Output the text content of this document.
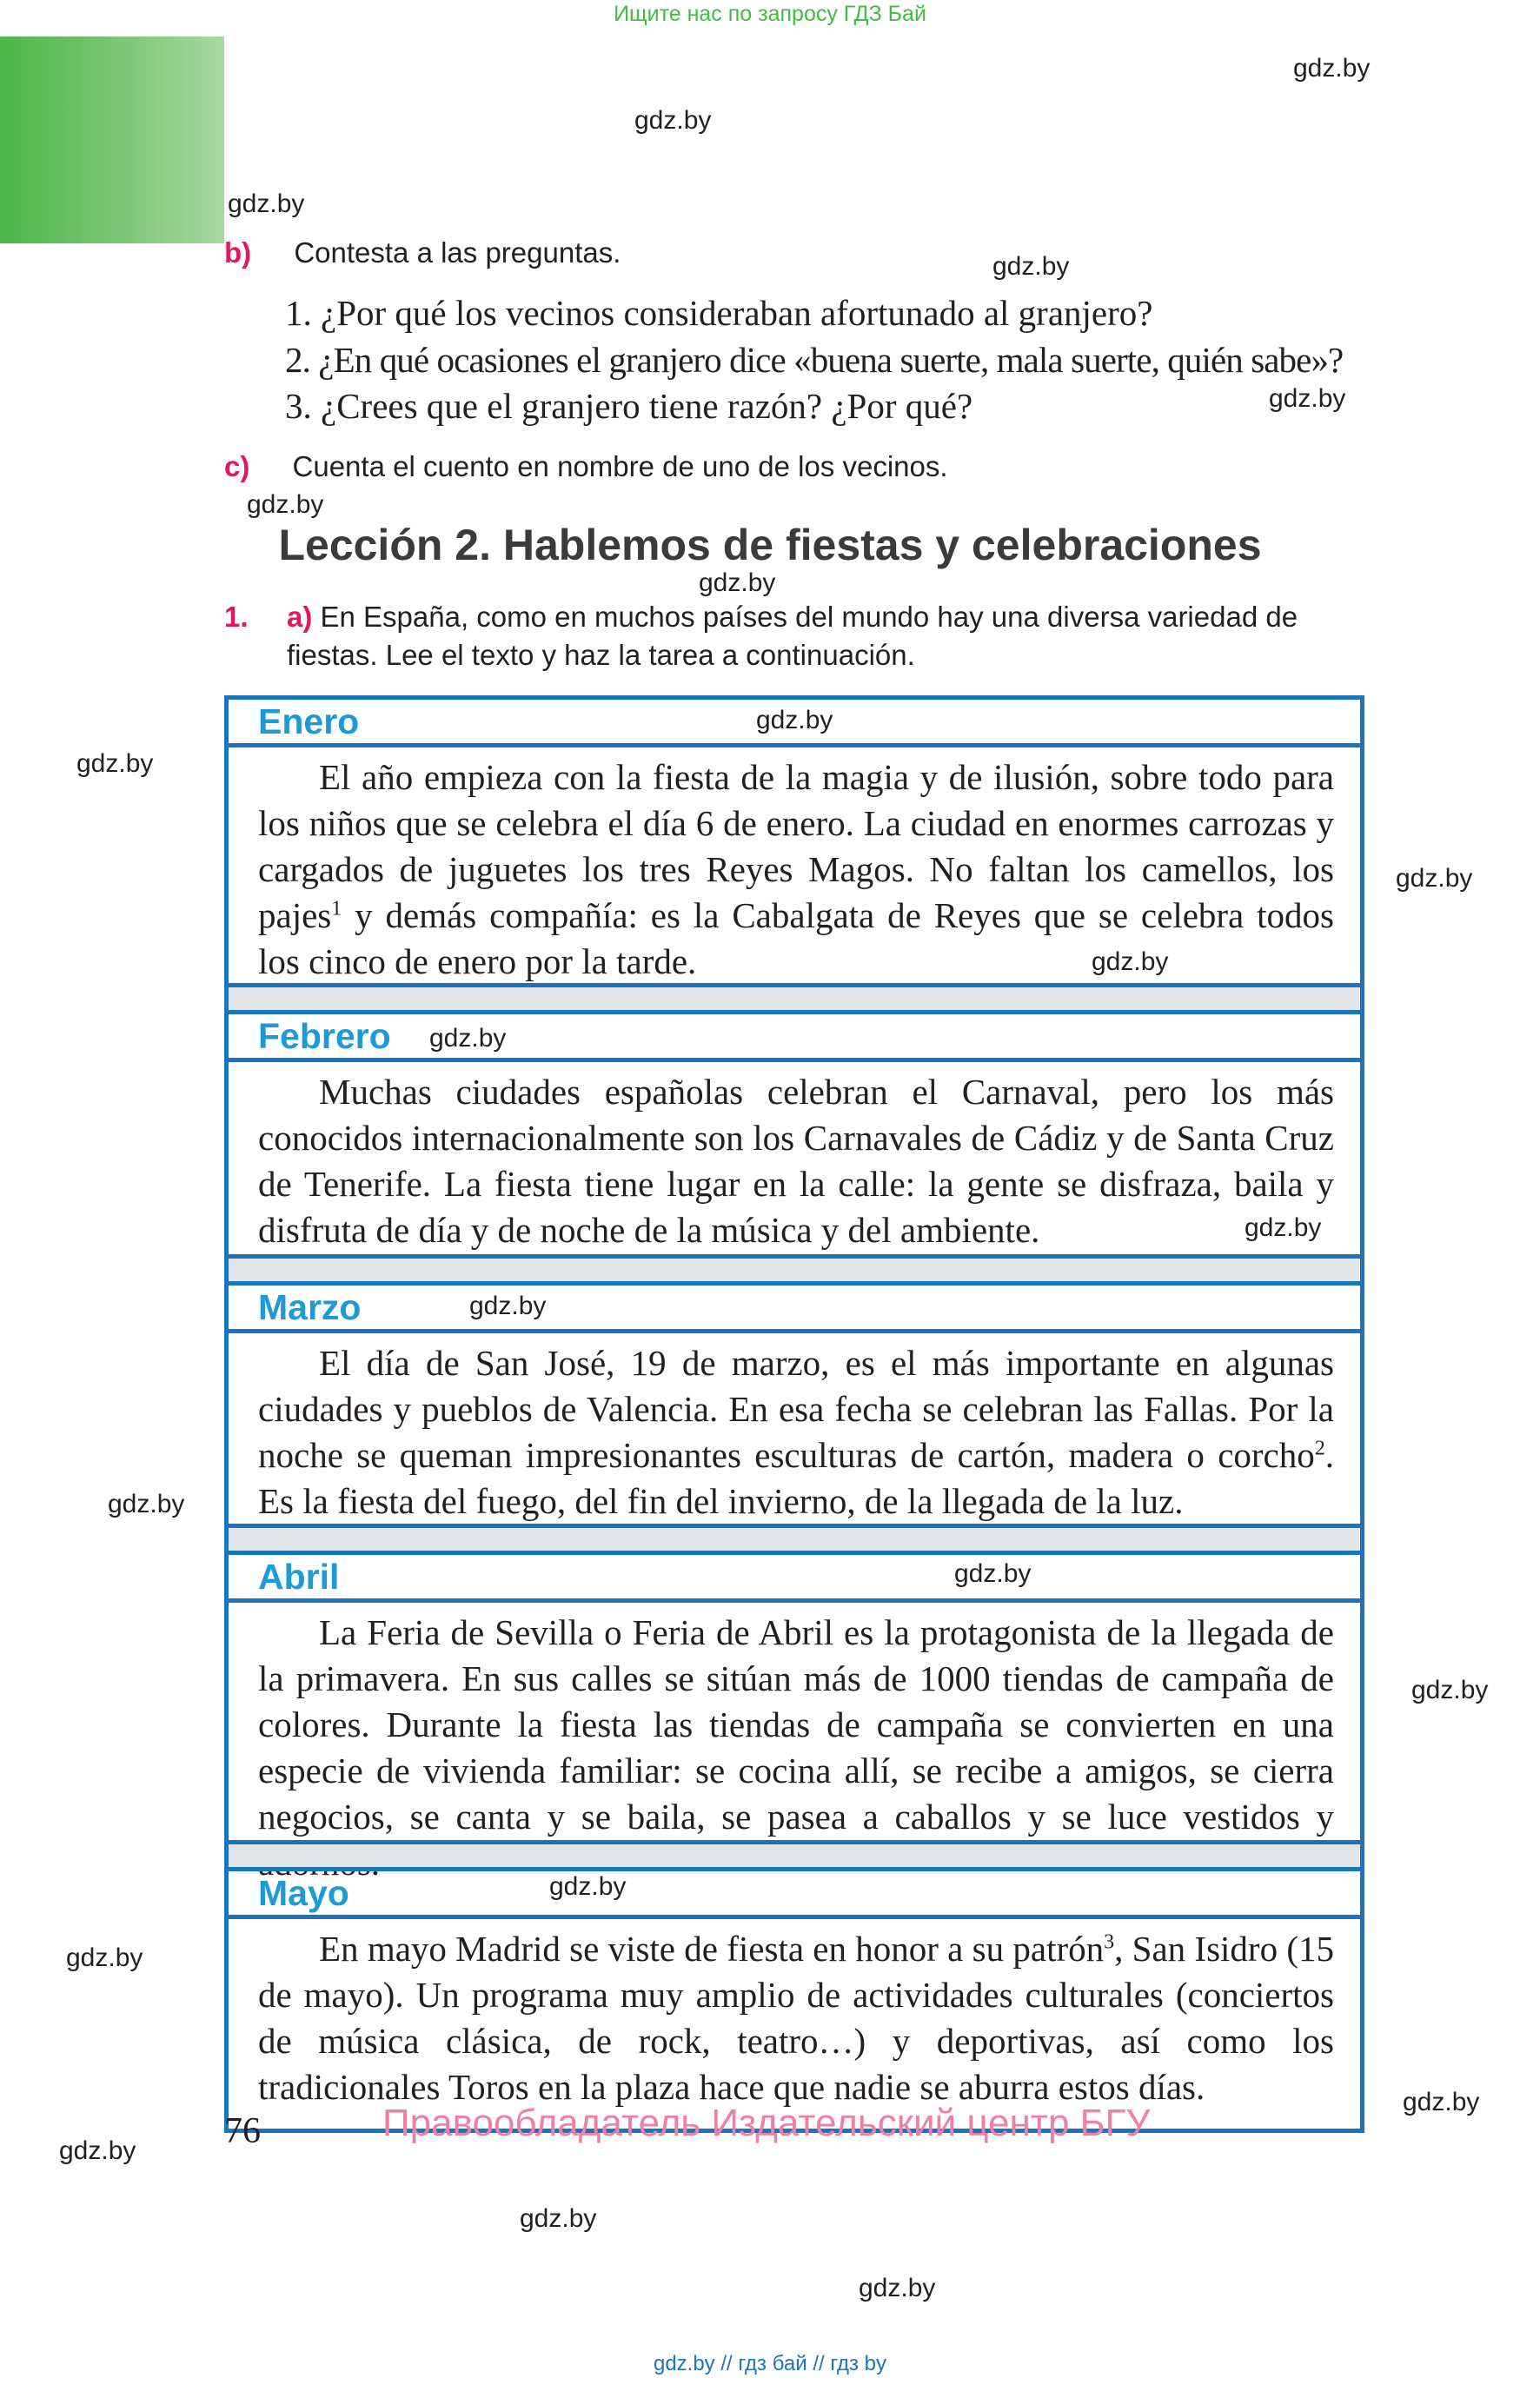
Ищите нас по запросу ГДЗ Бай
gdz.by
gdz.by
gdz.by
gdz.by
gdz.by
gdz.by
gdz.by
gdz.by
gdz.by
gdz.by
gdz.by
gdz.by
gdz.by
gdz.by
gdz.by
gdz.by
gdz.by
gdz.by
gdz.by
gdz.by
gdz.by
gdz.by
gdz.by
b) Contesta a las preguntas.
1. ¿Por qué los vecinos consideraban afortunado al granjero?
2. ¿En qué ocasiones el granjero dice «buena suerte, mala suerte, quién sabe»?
3. ¿Crees que el granjero tiene razón? ¿Por qué?
c) Cuenta el cuento en nombre de uno de los vecinos.
Lección 2. Hablemos de fiestas y celebraciones
1.	a) En España, como en muchos países del mundo hay una diversa variedad de fiestas. Lee el texto y haz la tarea a continuación.
Enero
El año empieza con la fiesta de la magia y de ilusión, sobre todo para los niños que se celebra el día 6 de enero. La ciudad en enormes carrozas y cargados de juguetes los tres Reyes Magos. No faltan los camellos, los pajes$^1$ y demás compañía: es la Cabalgata de Reyes que se celebra todos los cinco de enero por la tarde.
Febrero
Muchas ciudades españolas celebran el Carnaval, pero los más conocidos internacionalmente son los Carnavales de Cádiz y de Santa Cruz de Tenerife. La fiesta tiene lugar en la calle: la gente se disfraza, baila y disfruta de día y de noche de la música y del ambiente.
Marzo
El día de San José, 19 de marzo, es el más importante en algunas ciudades y pueblos de Valencia. En esa fecha se celebran las Fallas. Por la noche se queman impresionantes esculturas de cartón, madera o corcho$^2$. Es la fiesta del fuego, del fin del invierno, de la llegada de la luz.
Abril
La Feria de Sevilla o Feria de Abril es la protagonista de la llegada de la primavera. En sus calles se sitúan más de 1000 tiendas de campaña de colores. Durante la fiesta las tiendas de campaña se convierten en una especie de vivienda familiar: se cocina allí, se recibe a amigos, se cierra negocios, se canta y se baila, se pasea a caballos y se luce vestidos y
Mayo
En mayo Madrid se viste de fiesta en honor a su patrón$^3$, San Isidro (15 de mayo). Un programa muy amplio de actividades culturales (conciertos de música clásica, de rock, teatro…) y deportivas, así como los tradicionales Toros en la plaza hace que nadie se aburra estos días.
76	Правообладатель Издательский центр БГУ
gdz.by // гдз бай // гдз by
